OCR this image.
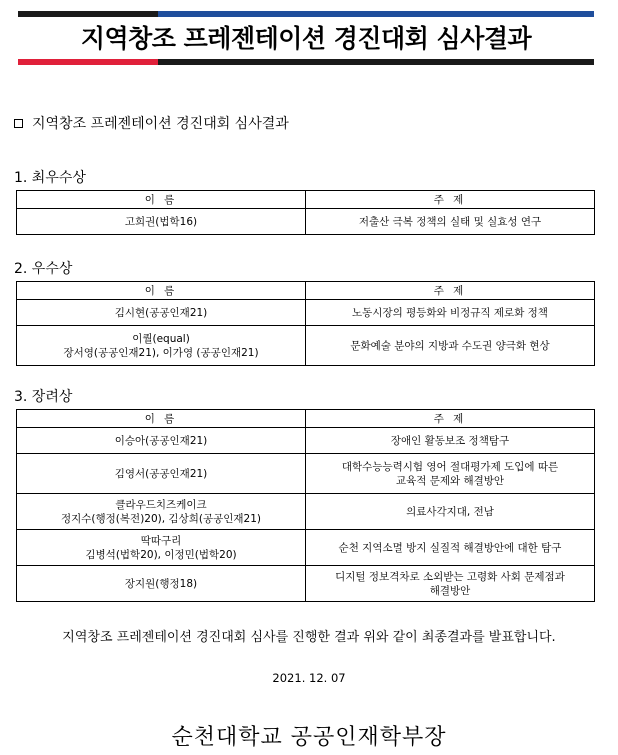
지역창조 프레젠테이션 경진대회 심사결과
지역창조 프레젠테이션 경진대회 심사결과
1. 최우수상
이 름	주 제

고희권(법학16)	저출산 극복 정책의 실태 및 실효성 연구
2. 우수상
이 름	주 제

김시현(공공인재21)	노동시장의 평등화와 비정규직 제로화 정책

이퀄(equal)
장서영(공공인재21), 이가영 (공공인재21)	문화예술 분야의 지방과 수도권 양극화 현상
3. 장려상
이 름	주 제

이승아(공공인재21)	장애인 활동보조 정책탐구

김영서(공공인재21)	대학수능능력시험 영어 절대평가제 도입에 따른
교육적 문제와 해결방안

클라우드치즈케이크
정지수(행정(복전)20), 김상희(공공인재21)	의료사각지대, 전남

딱따구리
김병석(법학20), 이정민(법학20)	순천 지역소멸 방지 실질적 해결방안에 대한 탐구

장지원(행정18)	디지털 정보격차로 소외받는 고령화 사회 문제점과
해결방안
지역창조 프레젠테이션 경진대회 심사를 진행한 결과 위와 같이 최종결과를 발표합니다.
2021. 12. 07
순천대학교 공공인재학부장
